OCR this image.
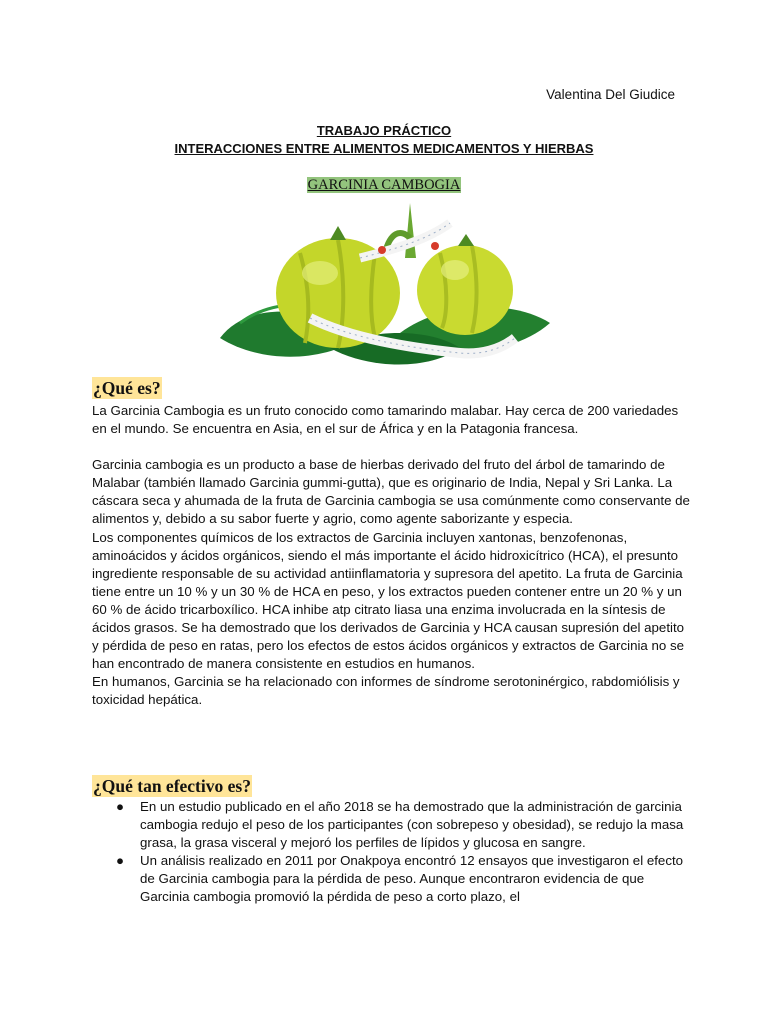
Valentina Del Giudice
TRABAJO PRÁCTICO
INTERACCIONES ENTRE ALIMENTOS MEDICAMENTOS Y HIERBAS
GARCINIA CAMBOGIA
¿Qué es?

La Garcinia Cambogia es un fruto conocido como tamarindo malabar. Hay cerca de 200 variedades en el mundo. Se encuentra en Asia, en el sur de África y en la Patagonia francesa.

Garcinia cambogia es un producto a base de hierbas derivado del fruto del árbol de tamarindo de Malabar (también llamado Garcinia gummi-gutta), que es originario de India, Nepal y Sri Lanka. La cáscara seca y ahumada de la fruta de Garcinia cambogia se usa comúnmente como conservante de alimentos y, debido a su sabor fuerte y agrio, como agente saborizante y especia.

Los componentes químicos de los extractos de Garcinia incluyen xantonas, benzofenonas, aminoácidos y ácidos orgánicos, siendo el más importante el ácido hidroxicítrico (HCA), el presunto ingrediente responsable de su actividad antiinflamatoria y supresora del apetito. La fruta de Garcinia tiene entre un 10 % y un 30 % de HCA en peso, y los extractos pueden contener entre un 20 % y un 60 % de ácido tricarboxílico. HCA inhibe atp citrato liasa una enzima involucrada en la síntesis de ácidos grasos. Se ha demostrado que los derivados de Garcinia y HCA causan supresión del apetito y pérdida de peso en ratas, pero los efectos de estos ácidos orgánicos y extractos de Garcinia no se han encontrado de manera consistente en estudios en humanos.

En humanos, Garcinia se ha relacionado con informes de síndrome serotoninérgico, rabdomiólisis y toxicidad hepática.

¿Qué tan efectivo es?
● En un estudio publicado en el año 2018 se ha demostrado que la administración de garcinia cambogia redujo el peso de los participantes (con sobrepeso y obesidad), se redujo la masa grasa, la grasa visceral y mejoró los perfiles de lípidos y glucosa en sangre.
● Un análisis realizado en 2011 por Onakpoya encontró 12 ensayos que investigaron el efecto de Garcinia cambogia para la pérdida de peso. Aunque encontraron evidencia de que Garcinia cambogia promovió la pérdida de peso a corto plazo, el
